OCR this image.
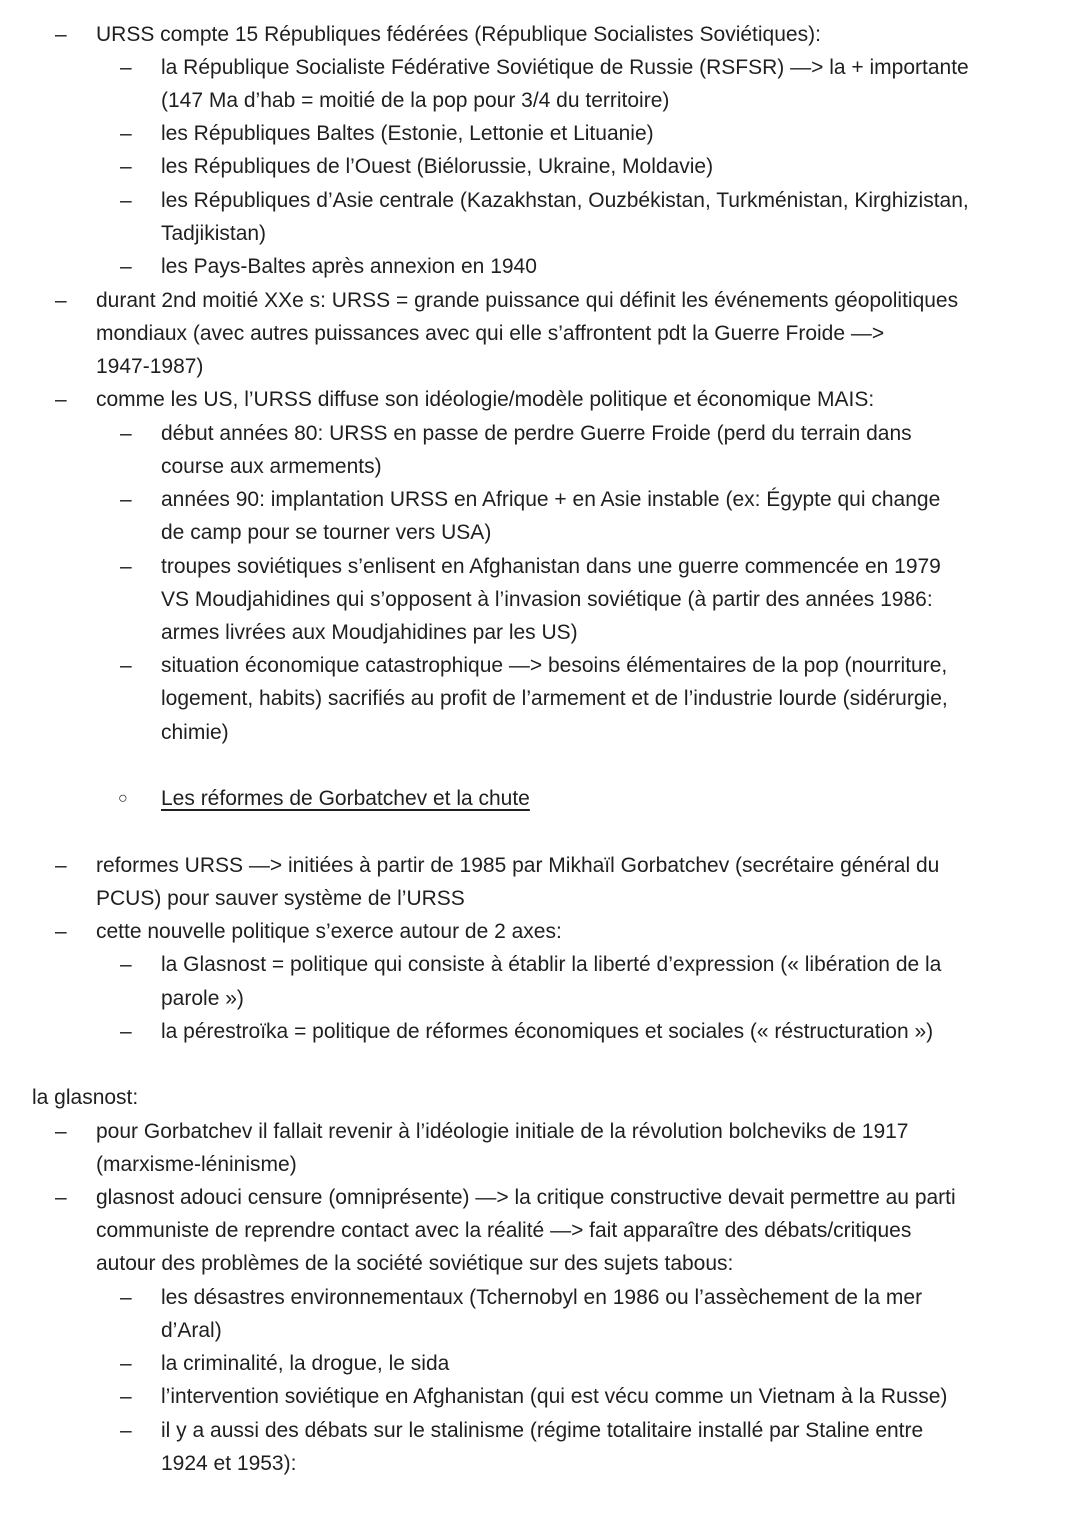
– URSS compte 15 Républiques fédérées (République Socialistes Soviétiques):
– la République Socialiste Fédérative Soviétique de Russie (RSFSR) —> la + importante
(147 Ma d’hab = moitié de la pop pour 3/4 du territoire)
– les Républiques Baltes (Estonie, Lettonie et Lituanie)
– les Républiques de l’Ouest (Biélorussie, Ukraine, Moldavie)
– les Républiques d’Asie centrale (Kazakhstan, Ouzbékistan, Turkménistan, Kirghizistan,
Tadjikistan)
– les Pays-Baltes après annexion en 1940
– durant 2nd moitié XXe s: URSS = grande puissance qui définit les événements géopolitiques
mondiaux (avec autres puissances avec qui elle s’affrontent pdt la Guerre Froide —>
1947-1987)
– comme les US, l’URSS diffuse son idéologie/modèle politique et économique MAIS:
– début années 80: URSS en passe de perdre Guerre Froide (perd du terrain dans
course aux armements)
– années 90: implantation URSS en Afrique + en Asie instable (ex: Égypte qui change
de camp pour se tourner vers USA)
– troupes soviétiques s’enlisent en Afghanistan dans une guerre commencée en 1979
VS Moudjahidines qui s’opposent à l’invasion soviétique (à partir des années 1986:
armes livrées aux Moudjahidines par les US)
– situation économique catastrophique —> besoins élémentaires de la pop (nourriture,
logement, habits) sacrifiés au profit de l’armement et de l’industrie lourde (sidérurgie,
chimie)
○ Les réformes de Gorbatchev et la chute
– reformes URSS —> initiées à partir de 1985 par Mikhaïl Gorbatchev (secrétaire général du
PCUS) pour sauver système de l’URSS
– cette nouvelle politique s’exerce autour de 2 axes:
– la Glasnost = politique qui consiste à établir la liberté d’expression (« libération de la
parole »)
– la pérestroïka = politique de réformes économiques et sociales (« réstructuration »)
la glasnost:
– pour Gorbatchev il fallait revenir à l’idéologie initiale de la révolution bolcheviks de 1917
(marxisme-léninisme)
– glasnost adouci censure (omniprésente) —> la critique constructive devait permettre au parti
communiste de reprendre contact avec la réalité —> fait apparaître des débats/critiques
autour des problèmes de la société soviétique sur des sujets tabous:
– les désastres environnementaux (Tchernobyl en 1986 ou l’assèchement de la mer
d’Aral)
– la criminalité, la drogue, le sida
– l’intervention soviétique en Afghanistan (qui est vécu comme un Vietnam à la Russe)
– il y a aussi des débats sur le stalinisme (régime totalitaire installé par Staline entre
1924 et 1953):
